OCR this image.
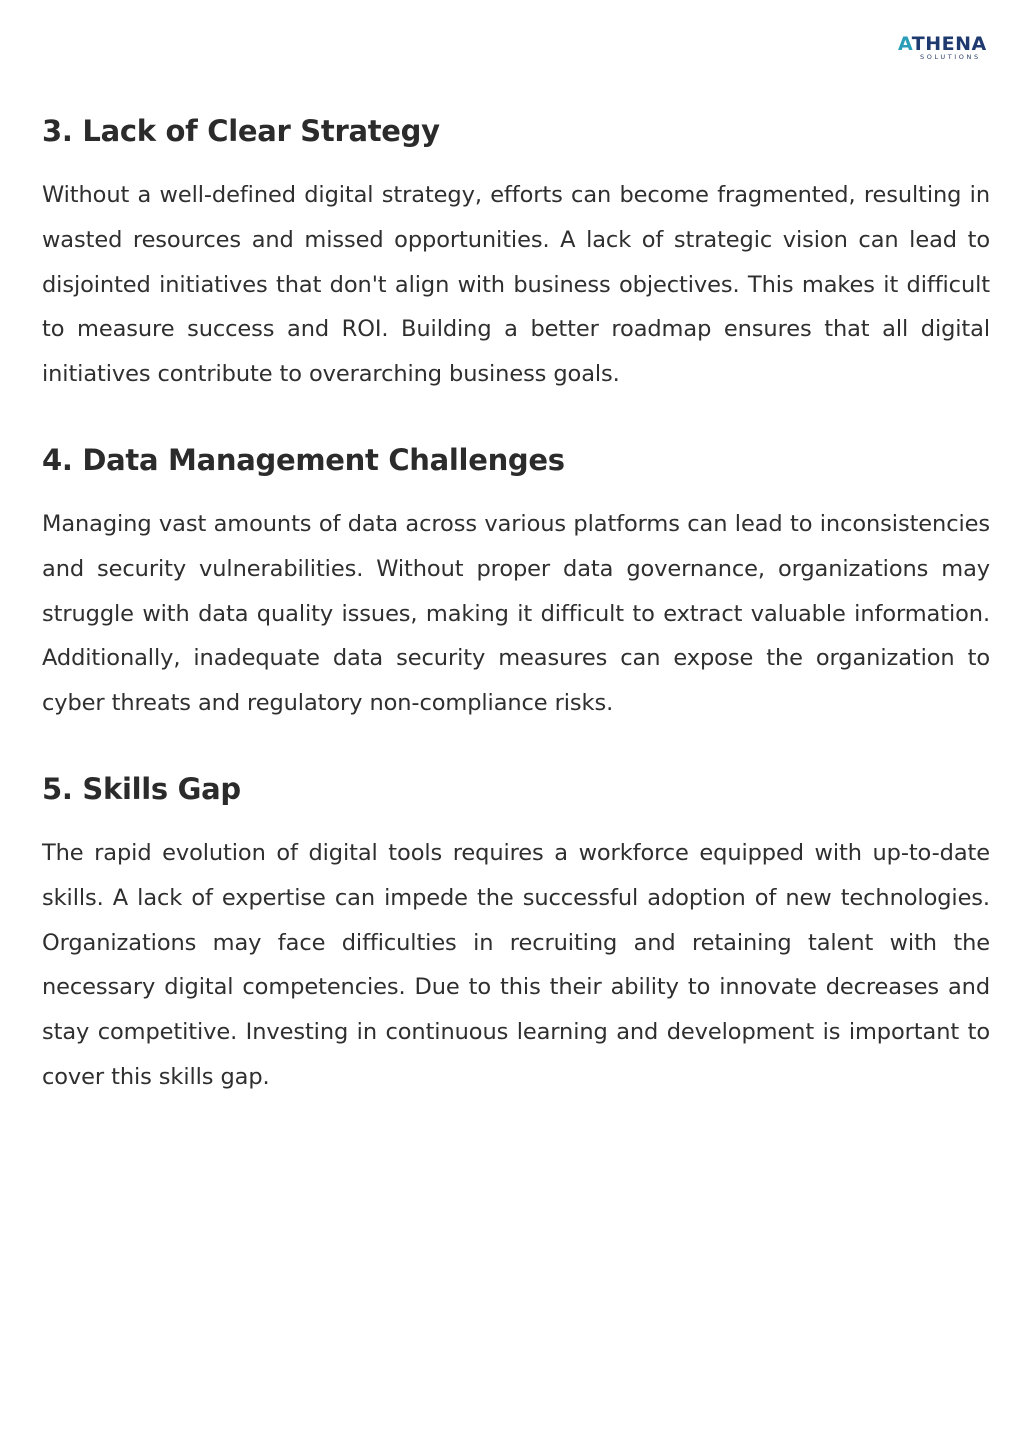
ATHENA
SOLUTIONS
3. Lack of Clear Strategy

Without a well-defined digital strategy, efforts can become fragmented, resulting in wasted resources and missed opportunities. A lack of strategic vision can lead to disjointed initiatives that don't align with business objectives. This makes it difficult to measure success and ROI. Building a better roadmap ensures that all digital initiatives contribute to overarching business goals.

4. Data Management Challenges

Managing vast amounts of data across various platforms can lead to inconsistencies and security vulnerabilities. Without proper data governance, organizations may struggle with data quality issues, making it difficult to extract valuable information. Additionally, inadequate data security measures can expose the organization to cyber threats and regulatory non-compliance risks.

5. Skills Gap

The rapid evolution of digital tools requires a workforce equipped with up-to-date skills. A lack of expertise can impede the successful adoption of new technologies. Organizations may face difficulties in recruiting and retaining talent with the necessary digital competencies. Due to this their ability to innovate decreases and stay competitive. Investing in continuous learning and development is important to cover this skills gap.
